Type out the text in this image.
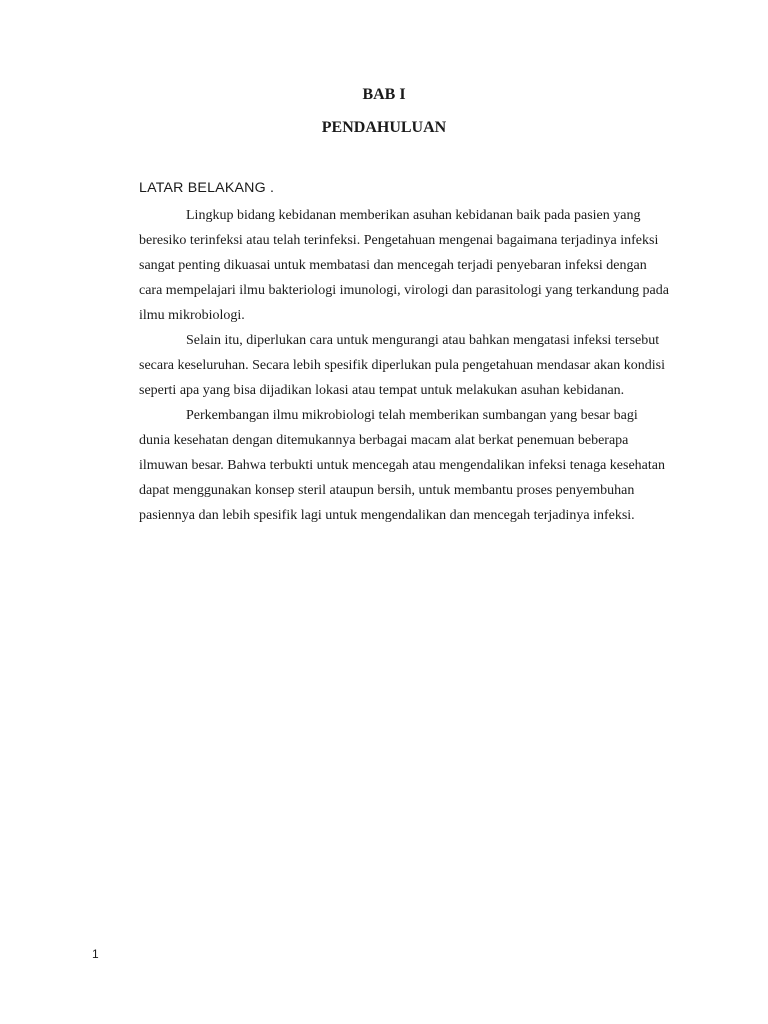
BAB I
PENDAHULUAN
LATAR BELAKANG .

Lingkup bidang kebidanan memberikan asuhan kebidanan baik pada pasien yang beresiko terinfeksi atau telah terinfeksi. Pengetahuan mengenai bagaimana terjadinya infeksi sangat penting dikuasai untuk membatasi dan mencegah terjadi penyebaran infeksi dengan cara mempelajari ilmu bakteriologi imunologi, virologi dan parasitologi yang terkandung pada ilmu mikrobiologi.

Selain itu, diperlukan cara untuk mengurangi atau bahkan mengatasi infeksi tersebut secara keseluruhan. Secara lebih spesifik diperlukan pula pengetahuan mendasar akan kondisi seperti apa yang bisa dijadikan lokasi atau tempat untuk melakukan asuhan kebidanan.

Perkembangan ilmu mikrobiologi telah memberikan sumbangan yang besar bagi dunia kesehatan dengan ditemukannya berbagai macam alat berkat penemuan beberapa ilmuwan besar. Bahwa terbukti untuk mencegah atau mengendalikan infeksi tenaga kesehatan dapat menggunakan konsep steril ataupun bersih, untuk membantu proses penyembuhan pasiennya dan lebih spesifik lagi untuk mengendalikan dan mencegah terjadinya infeksi.

1
